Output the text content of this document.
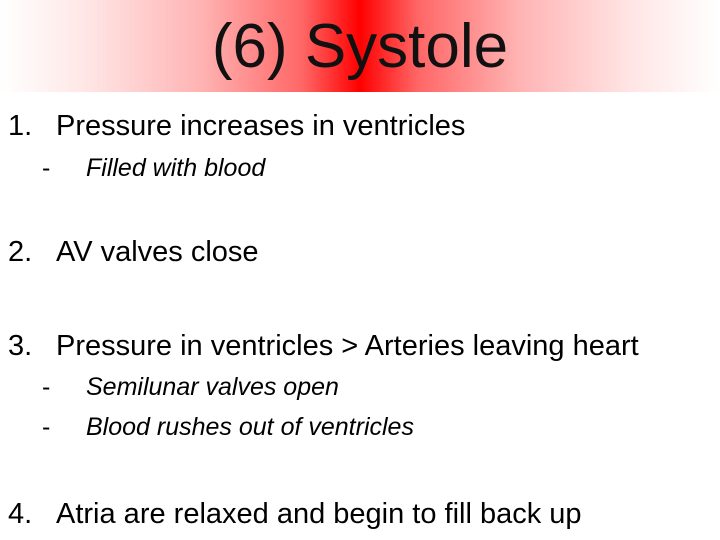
(6) Systole
1. Pressure increases in ventricles
- Filled with blood
2. AV valves close
3. Pressure in ventricles > Arteries leaving heart
- Semilunar valves open
- Blood rushes out of ventricles
4. Atria are relaxed and begin to fill back up
